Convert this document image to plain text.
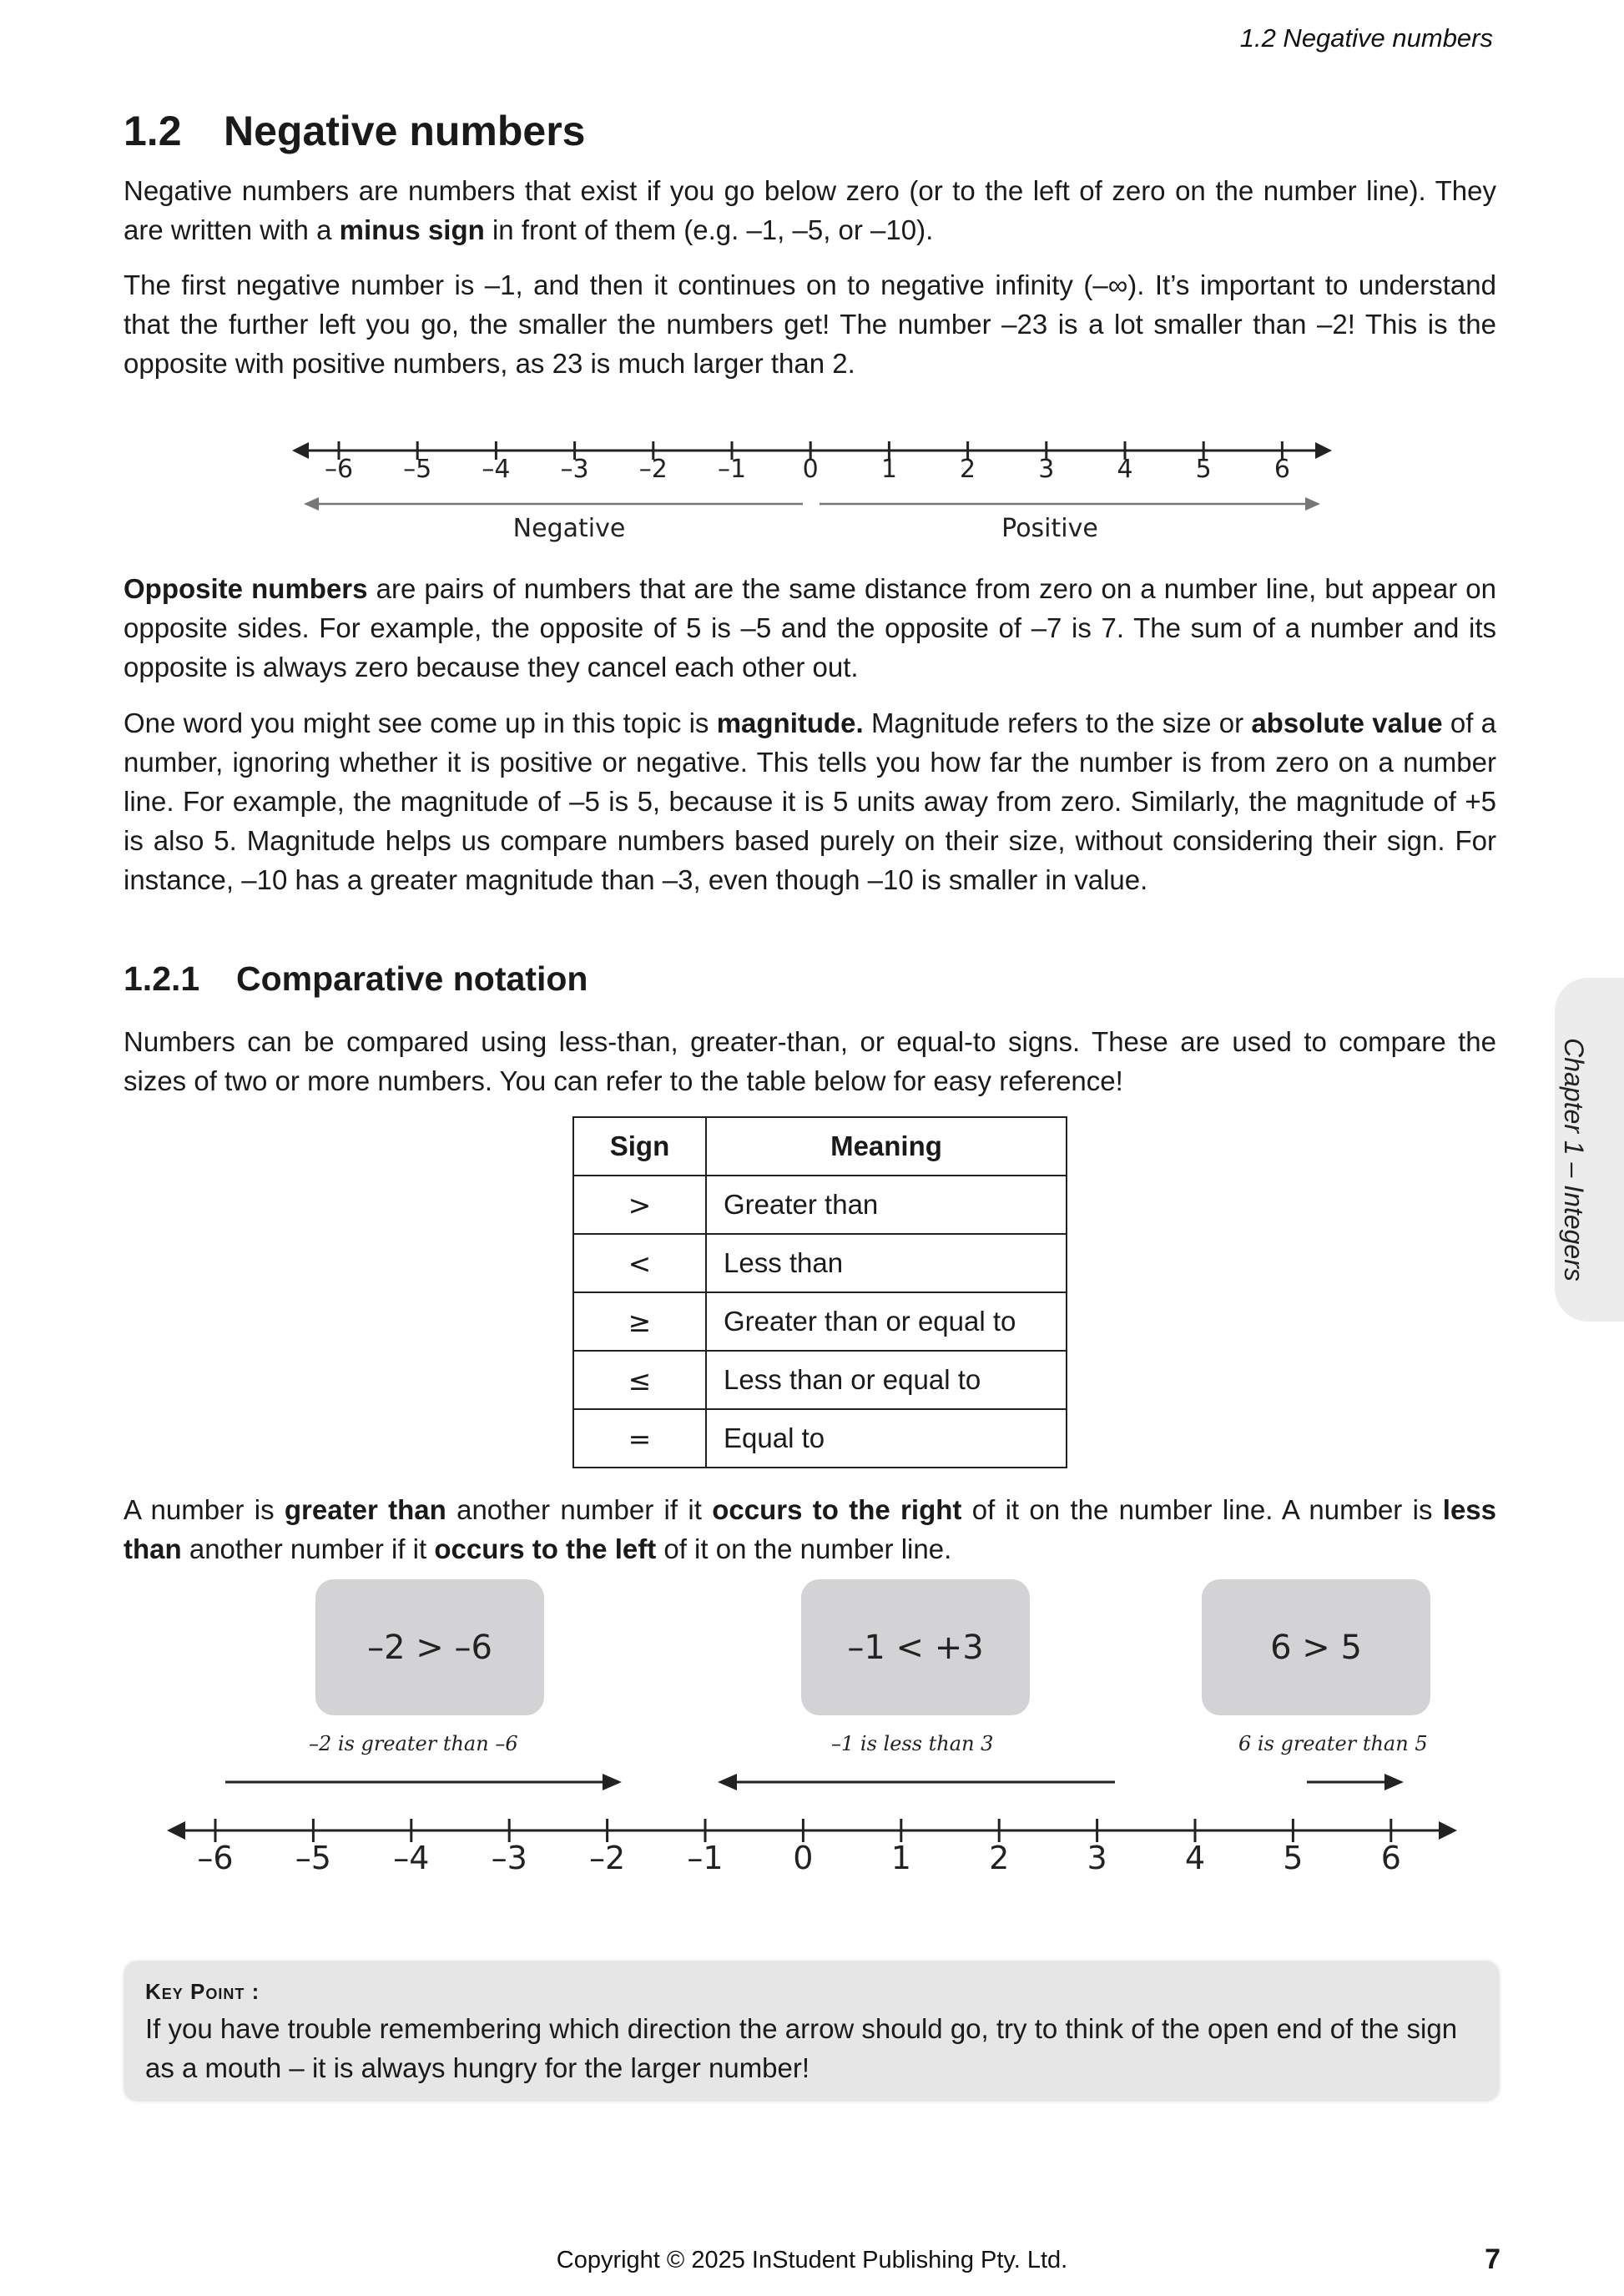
1.2 Negative numbers
1.2 Negative numbers

Negative numbers are numbers that exist if you go below zero (or to the left of zero on the number line). They are written with a minus sign in front of them (e.g. –1, –5, or –10).

The first negative number is –1, and then it continues on to negative infinity (–∞). It’s important to understand that the further left you go, the smaller the numbers get! The number –23 is a lot smaller than –2! This is the opposite with positive numbers, as 23 is much larger than 2.

–6 –5 –4 –3 –2 –1 0	1	2	3	4	5	6
Negative	Positive

Opposite numbers are pairs of numbers that are the same distance from zero on a number line, but appear on opposite sides. For example, the opposite of 5 is –5 and the opposite of –7 is 7. The sum of a number and its opposite is always zero because they cancel each other out.

One word you might see come up in this topic is magnitude. Magnitude refers to the size or absolute value of a number, ignoring whether it is positive or negative. This tells you how far the number is from zero on a number line. For example, the magnitude of –5 is 5, because it is 5 units away from zero. Similarly, the magnitude of +5 is also 5. Magnitude helps us compare numbers based purely on their size, without considering their sign. For instance, –10 has a greater magnitude than –3, even though –10 is smaller in value.

1.2.1 Comparative notation

Numbers can be compared using less-than, greater-than, or equal-to signs. These are used to compare the sizes of two or more numbers. You can refer to the table below for easy reference!

Sign	Meaning
>	Greater than
<	Less than
≥	Greater than or equal to
≤	Less than or equal to
=	Equal to

A number is greater than another number if it occurs to the right of it on the number line. A number is less than another number if it occurs to the left of it on the number line.

–2 > –6	–1 < +3	6 > 5
–2 is greater than –6	–1 is less than 3	6 is greater than 5
–6 –5 –4 –3 –2 –1 0 1 2 3 4 5 6
Key Point :

If you have trouble remembering which direction the arrow should go, try to think of the open end of the sign as a mouth – it is always hungry for the larger number!

Chapter 1 – Integers
Copyright © 2025 InStudent Publishing Pty. Ltd.	7
